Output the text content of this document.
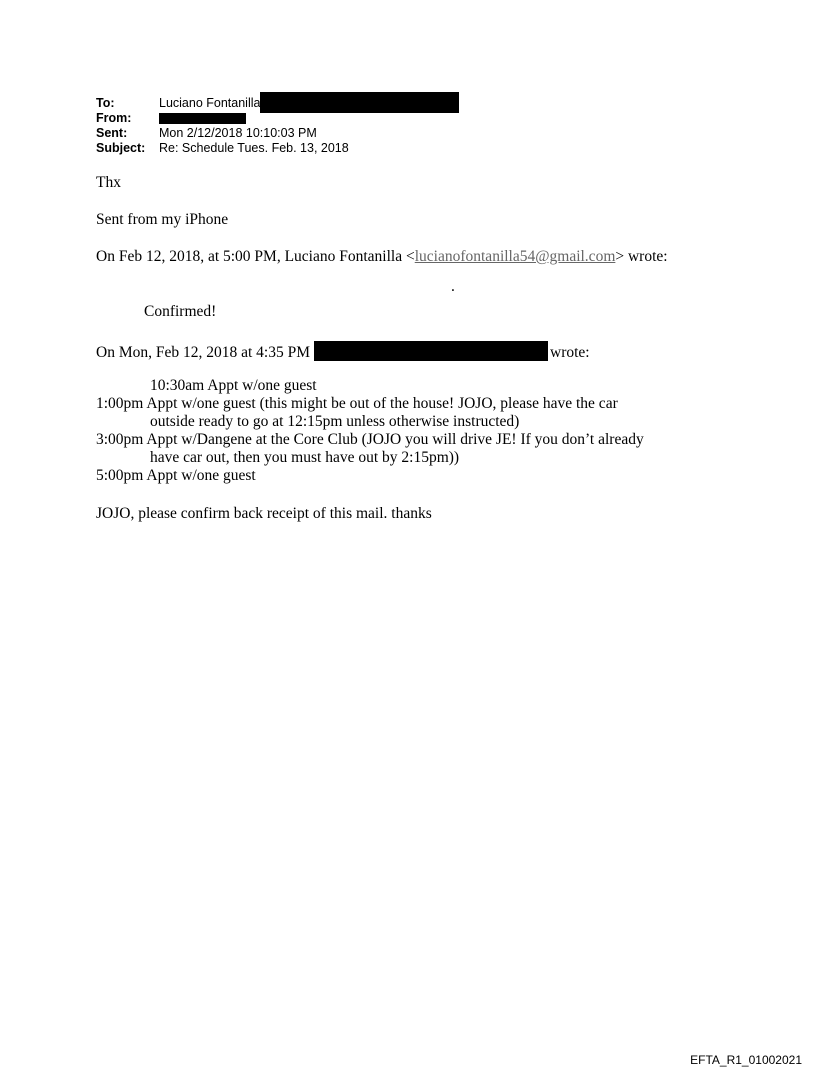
To:	Luciano Fontanilla
From:
Sent:	Mon 2/12/2018 10:10:03 PM
Subject:	Re: Schedule Tues. Feb. 13, 2018
Thx
Sent from my iPhone
On Feb 12, 2018, at 5:00 PM, Luciano Fontanilla <lucianofontanilla54@gmail.com> wrote:
.
Confirmed!
On Mon, Feb 12, 2018 at 4:35 PM	wrote:
10:30am Appt w/one guest
1:00pm Appt w/one guest (this might be out of the house! JOJO, please have the car
outside ready to go at 12:15pm unless otherwise instructed)
3:00pm Appt w/Dangene at the Core Club (JOJO you will drive JE! If you don’t already
have car out, then you must have out by 2:15pm))
5:00pm Appt w/one guest
JOJO, please confirm back receipt of this mail. thanks
EFTA_R1_01002021
